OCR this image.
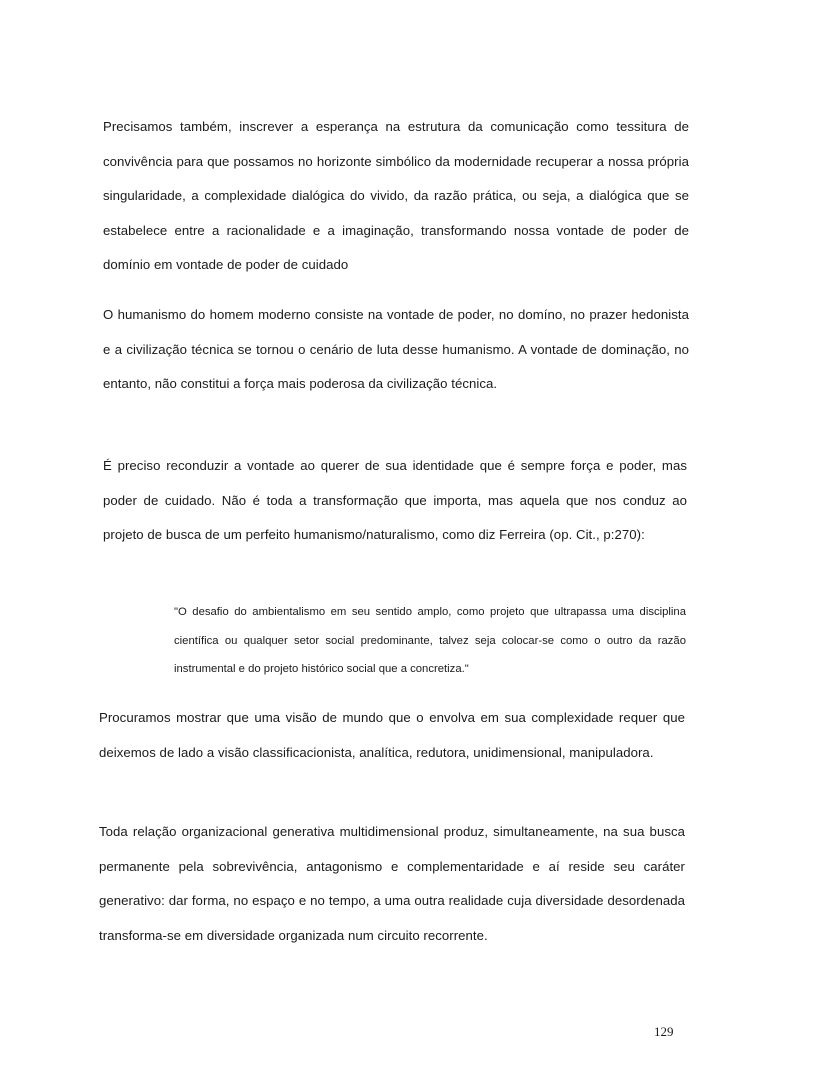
Precisamos também, inscrever a esperança na estrutura da comunicação como tessitura de convivência para que possamos no horizonte simbólico da modernidade recuperar a nossa própria singularidade, a complexidade dialógica do vivido, da razão prática, ou seja, a dialógica que se estabelece entre a racionalidade e a imaginação, transformando nossa vontade de poder de domínio em vontade de poder de cuidado

O humanismo do homem moderno consiste na vontade de poder, no domíno, no prazer hedonista e a civilização técnica se tornou o cenário de luta desse humanismo. A vontade de dominação, no entanto, não constitui a força mais poderosa da civilização técnica.

É preciso reconduzir a vontade ao querer de sua identidade que é sempre força e poder, mas poder de cuidado. Não é toda a transformação que importa, mas aquela que nos conduz ao projeto de busca de um perfeito humanismo/naturalismo, como diz Ferreira (op. Cit., p:270):

"O desafio do ambientalismo em seu sentido amplo, como projeto que ultrapassa uma disciplina científica ou qualquer setor social predominante, talvez seja colocar-se como o outro da razão instrumental e do projeto histórico social que a concretiza."

Procuramos mostrar que uma visão de mundo que o envolva em sua complexidade requer que deixemos de lado a visão classificacionista, analítica, redutora, unidimensional, manipuladora.

Toda relação organizacional generativa multidimensional produz, simultaneamente, na sua busca permanente pela sobrevivência, antagonismo e complementaridade e aí reside seu caráter generativo: dar forma, no espaço e no tempo, a uma outra realidade cuja diversidade desordenada transforma-se em diversidade organizada num circuito recorrente.

129
